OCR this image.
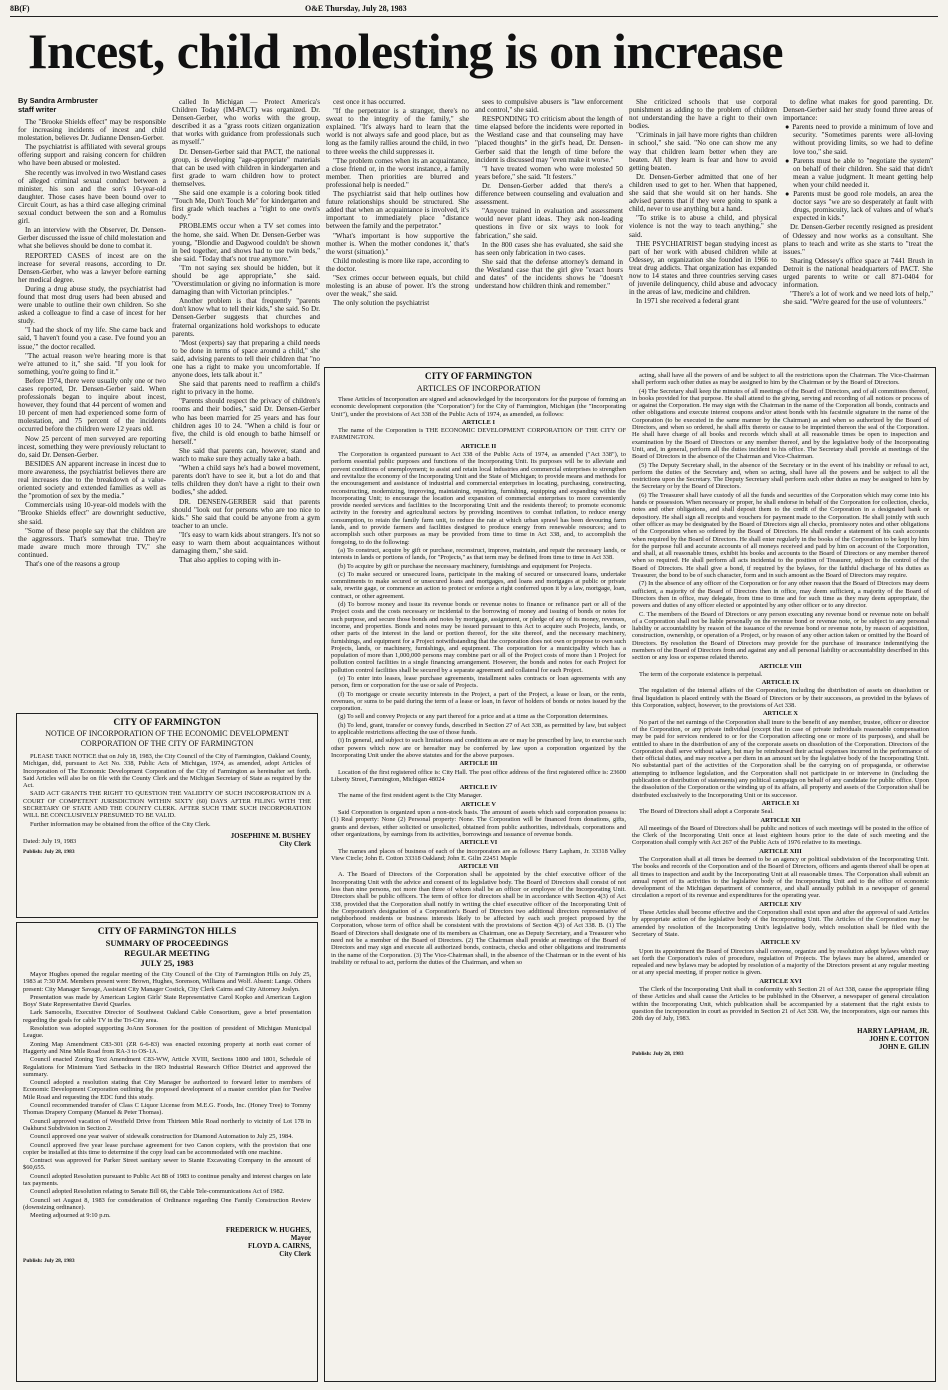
8B(F)	O&E Thursday, July 28, 1983
Incest, child molesting is on increase
By Sandra Armbruster
staff writer

The "Brooke Shields effect" may be responsible for increasing incidents of incest and child molestation, believes Dr. Judianne Densen-Gerber.

The psychiatrist is affiliated with several groups offering support and raising concern for children who have been abused or molested.

She recently was involved in two Westland cases of alleged criminal sexual conduct between a minister, his son and the son's 10-year-old daughter. Those cases have been bound over to Circuit Court, as has a third case alleging criminal sexual conduct between the son and a Romulus girl.

In an interview with the Observer, Dr. Densen-Gerber discussed the issue of child molestation and what she believes should be done to combat it.

REPORTED CASES of incest are on the increase for several reasons, according to Dr. Densen-Gerber, who was a lawyer before earning her medical degree.

During a drug abuse study, the psychiatrist had found that most drug users had been abused and were unable to outline their own children. So she asked a colleague to find a case of incest for her study.

"I had the shock of my life. She came back and said, 'I haven't found you a case. I've found you an issue,'" the doctor recalled.

"The actual reason we're hearing more is that we're attuned to it," she said. "If you look for something, you're going to find it."

Before 1974, there were usually only one or two cases reported, Dr. Densen-Gerber said. When professionals began to inquire about incest, however, they found that 44 percent of women and 10 percent of men had experienced some form of molestation, and 75 percent of the incidents occurred before the children were 12 years old.

Now 25 percent of men surveyed are reporting incest, something they were previously reluctant to do, said Dr. Densen-Gerber.

BESIDES AN apparent increase in incest due to more awareness, the psychiatrist believes there are real increases due to the breakdown of a value-oriented society and extended families as well as the "promotion of sex by the media."

Commercials using 10-year-old models with the "Brooke Shields effect" are downright seductive, she said.

"Some of these people say that the children are the aggressors. That's somewhat true. They're made aware much more through TV," she continued.

That's one of the reasons a group

called In Michigan — Protect America's Children Today (IM-PACT) was organized. Dr. Densen-Gerber, who works with the group, described it as a "grass roots citizen organization that works with guidance from professionals such as myself."

Dr. Densen-Gerber said that PACT, the national group, is developing "age-appropriate" materials that can be used with children in kindergarten and first grade to warn children how to protect themselves.

She said one example is a coloring book titled "Touch Me, Don't Touch Me" for kindergarten and first grade which teaches a "right to one own's body."

PROBLEMS occur when a TV set comes into the home, she said. When Dr. Densen-Gerber was young, "Blondie and Dagwood couldn't be shown in bed together, and shows had to use twin beds," she said. "Today that's not true anymore."

"I'm not saying sex should be hidden, but it should be age appropriate," she said. "Overstimulation or giving no information is more damaging than with Victorian principles."

Another problem is that frequently "parents don't know what to tell their kids," she said. So Dr. Densen-Gerber suggests that churches and fraternal organizations hold workshops to educate parents.

"Most (experts) say that preparing a child needs to be done in terms of space around a child," she said, advising parents to tell their children that "no one has a right to make you uncomfortable. If anyone does, lets talk about it."

She said that parents need to reaffirm a child's right to privacy in the home.

"Parents should respect the privacy of children's rooms and their bodies," said Dr. Densen-Gerber who has been married for 25 years and has four children ages 10 to 24. "When a child is four or five, the child is old enough to bathe himself or herself."

She said that parents can, however, stand and watch to make sure they actually take a bath.

"When a child says he's had a bowel movement, parents don't have to see it, but a lot do and that tells children they don't have a right to their own bodies," she added.

DR. DENSEN-GERBER said that parents should "look out for persons who are too nice to kids." She said that could be anyone from a gym teacher to an uncle.

"It's easy to warn kids about strangers. It's not so easy to warn them about acquaintances without damaging them," she said.

That also applies to coping with in-

cest once it has occurred.

"If the perpetrator is a stranger, there's no sweat to the integrity of the family," she explained. "It's always hard to learn that the world is not always safe and good place, but as long as the family rallies around the child, in two to three weeks the child suppresses it.

"The problem comes when its an acquaintance, a close friend or, in the worst instance, a family member. Then priorities are blurred and professional help is needed."

The psychiatrist said that help outlines how future relationships should be structured. She added that when an acquaintance is involved, it's important to immediately place "distance between the family and the perpetrator."

"What's important is how supportive the mother is. When the mother condones it,' that's the worst (situation)."

Child molesting is more like rape, according to the doctor.

"Sex crimes occur between equals, but child molesting is an abuse of power. It's the strong over the weak," she said.

The only solution the psychiatrist

sees to compulsive abusers is "law enforcement and control," she said.

RESPONDING TO criticism about the length of time elapsed before the incidents were reported in the Westland case and that counseling may have "placed thoughts" in the girl's head, Dr. Densen-Gerber said that the length of time before the incident is discussed may "even make it worse."

"I have treated women who were molested 50 years before," she said. "It festers."

Dr. Densen-Gerber added that there's a difference between counseling and evaluation and assessment.

"Anyone trained in evaluation and assessment would never plant ideas. They ask non-leading questions in five or six ways to look for fabrication," she said.

In the 800 cases she has evaluated, she said she has seen only fabrication in two cases.

She said that the defense attorney's demand in the Westland case that the girl give "exact hours and dates" of the incidents shows he "doesn't understand how children think and remember."

She criticized schools that use corporal punishment as adding to the problem of children not understanding the have a right to their own bodies.

"Criminals in jail have more rights than children in school," she said. "No one can show me any way that children learn better when they are beaten. All they learn is fear and how to avoid getting beaten.

Dr. Densen-Gerber admitted that one of her children used to get to her. When that happened, she said that she would sit on her hands. She advised parents that if they were going to spank a child, never to use anything but a hand.

"To strike is to abuse a child, and physical violence is not the way to teach anything," she said.

THE PSYCHIATRIST began studying incest as part of her work with abused children while at Odessey, an organization she founded in 1966 to treat drug addicts. That organization has expanded now to 14 states and three countries serving cases of juvenile delinquency, child abuse and advocacy in the areas of law, medicine and children.

In 1971 she received a federal grant

to define what makes for good parenting. Dr. Densen-Gerber said her study found three areas of importance:

● Parents need to provide a minimum of love and security. "Sometimes parents were all-loving without providing limits, so we had to define love too," she said.

● Parents must be able to "negotiate the system" on behalf of their children. She said that didn't mean a value judgment. It meant getting help when your child needed it.

● Parents must be good role models, an area the doctor says "we are so desperately at fault with drugs, promiscuity, lack of values and of what's expected in kids."

Dr. Densen-Gerber recently resigned as president of Odessey and now works as a consultant. She plans to teach and write as she starts to "treat the issues."

Sharing Odessey's office space at 7441 Brush in Detroit is the national headquarters of PACT. She urged parents to write or call 871-0404 for information.

"There's a lot of work and we need lots of help," she said. "We're geared for the use of volunteers."

CITY OF FARMINGTON

NOTICE OF INCORPORATION OF THE ECONOMIC DEVELOPMENT CORPORATION OF THE CITY OF FARMINGTON

PLEASE TAKE NOTICE that on July 18, 1983, the City Council of the City of Farmington, Oakland County, Michigan, did, pursuant to Act No. 338, Public Acts of Michigan, 1974, as amended, adopt Articles of Incorporation of The Economic Development Corporation of the City of Farmington as hereinafter set forth. Said Articles will also be on file with the County Clerk and the Michigan Secretary of State as required by the Act.

SAID ACT GRANTS THE RIGHT TO QUESTION THE VALIDITY OF SUCH INCORPORATION IN A COURT OF COMPETENT JURISDICTION WITHIN SIXTY (60) DAYS AFTER FILING WITH THE SECRETARY OF STATE AND THE COUNTY CLERK. AFTER SUCH TIME SUCH INCORPORATION WILL BE CONCLUSIVELY PRESUMED TO BE VALID.

Further information may be obtained from the office of the City Clerk.

JOSEPHINE M. BUSHEY
City Clerk
Dated: July 19, 1983
Publish: July 28, 1983

CITY OF FARMINGTON HILLS

SUMMARY OF PROCEEDINGS

REGULAR MEETING

JULY 25, 1983

Mayor Hughes opened the regular meeting of the City Council of the City of Farmington Hills on July 25, 1983 at 7:30 P.M. Members present were: Brown, Hughes, Sorenson, Williams and Wolf. Absent: Lange. Others present: City Manager Savage, Assistant City Manager Costick, City Clerk Cairns and City Attorney Joslyn.

Presentation was made by American Legion Girls' State Representative Carol Kopko and American Legion Boys' State Representative David Quarles.

Lark Samocelis, Executive Director of Southwest Oakland Cable Consortium, gave a brief presentation regarding the goals for cable TV in the Tri-City area.

Resolution was adopted supporting JoAnn Soronen for the position of president of Michigan Municipal League.

Zoning Map Amendment C83-301 (ZR 6-6-83) was enacted rezoning property at north east corner of Haggerty and Nine Mile Road from RA-3 to OS-1A.

Council enacted Zoning Text Amendment C83-WW, Article XVIII, Sections 1800 and 1801, Schedule of Regulations for Minimum Yard Setbacks in the IRO Industrial Research Office District and approved the summary.

Council adopted a resolution stating that City Manager be authorized to forward letter to members of Economic Development Corporation outlining the proposed development of a master corridor plan for Twelve Mile Road and requesting the EDC fund this study.

Council recommended transfer of Class C Liquor License from M.E.G. Foods, Inc. (Honey Tree) to Tommy Thomas Drapery Company (Manuel & Peter Thomas).

Council approved vacation of Westfield Drive from Thirteen Mile Road northerly to vicinity of Lot 178 in Oakhurst Subdivision in Section 2.

Council approved one year waiver of sidewalk construction for Diamond Automation to July 25, 1984.

Council approved five year lease purchase agreement for two Canon copiers, with the provision that one copier be installed at this time to determine if the copy load can be accommodated with one machine.

Contract was approved for Parker Street sanitary sewer to Stante Excavating Company in the amount of $60,655.

Council adopted Resolution pursuant to Public Act 88 of 1983 to continue penalty and interest charges on late tax payments.

Council adopted Resolution relating to Senate Bill 66, the Cable Tele-communications Act of 1982.

Council set August 8, 1983 for consideration of Ordinance regarding One Family Construction Review (downsizing ordinance).

Meeting adjourned at 9:10 p.m.

FREDERICK W. HUGHES,
Mayor
FLOYD A. CAIRNS,
City Clerk
Publish: July 28, 1983

CITY OF FARMINGTON

ARTICLES OF INCORPORATION

These Articles of Incorporation are signed and acknowledged by the incorporators for the purpose of forming an economic development corporation (the "Corporation") for the City of Farmington, Michigan (the "Incorporating Unit"), under the provisions of Act 338 of the Public Acts of 1974, as amended, as follows:

ARTICLE I

The name of the Corporation is THE ECONOMIC DEVELOPMENT CORPORATION OF THE CITY OF FARMINGTON.

ARTICLE II

The Corporation is organized pursuant to Act 338 of the Public Acts of 1974, as amended ("Act 338"), to perform essential public purposes and functions of the Incorporating Unit. Its purposes will be to alleviate and prevent conditions of unemployment; to assist and retain local industries and commercial enterprises to strengthen and revitalize the economy of the Incorporating Unit and the State of Michigan; to provide means and methods for the encouragement and assistance of industrial and commercial enterprises in locating, purchasing, constructing, reconstructing, modernizing, improving, maintaining, repairing, furnishing, equipping and expanding within the Incorporating Unit; to encourage the location and expansion of commercial enterprises to more conveniently provide needed services and facilities to the Incorporating Unit and the residents thereof; to promote economic activity in the forestry and agricultural sectors by providing incentives to combat inflation, to reduce energy consumption, to retain the family farm unit, to reduce the rate at which urban sprawl has been devouring farm lands, and to provide farmers and facilities designed to produce energy from renewable resources; and to accomplish such other purposes as may be provided from time to time in Act 338, and, to accomplish the foregoing, to do the following:

(a) To construct, acquire by gift or purchase, reconstruct, improve, maintain, and repair the necessary lands, or interests in lands or portions of lands, for "Projects," as that term may be defined from time to time in Act 338.

(b) To acquire by gift or purchase the necessary machinery, furnishings and equipment for Projects.

(c) To make secured or unsecured loans, participate in the making of secured or unsecured loans, undertake commitments to make secured or unsecured loans and mortgages, and loans and mortgages at public or private sale, rewrite gage, or commence an action to protect or enforce a right conferred upon it by a law, mortgage, loan, contract, or other agreement.

(d) To borrow money and issue its revenue bonds or revenue notes to finance or refinance part or all of the Project costs and the costs necessary or incidental to the borrowing of money and issuing of bonds or notes for such purpose, and secure those bonds and notes by mortgage, assignment, or pledge of any of its money, revenues, income, and properties. Bonds and notes may be issued pursuant to this Act to acquire such Projects, lands, or other parts of the interest in the land or portion thereof, for the site thereof, and the necessary machinery, furnishings, and equipment for a Project notwithstanding that the corporation does not own or propose to own such Projects, lands, or machinery, furnishings, and equipment. The corporation for a municipality which has a population of more than 1,000,000 persons may combine part or all of the Project costs of more than 1 Project for pollution control facilities in a single financing arrangement. However, the bonds and notes for each Project for pollution control facilities shall be secured by a separate agreement and collateral for each Project.

(e) To enter into leases, lease purchase agreements, installment sales contracts or loan agreements with any person, firm or corporation for the use or sale of Projects.

(f) To mortgage or create security interests in the Project, a part of the Project, a lease or loan, or the rents, revenues, or sums to be paid during the term of a lease or loan, in favor of holders of bonds or notes issued by the corporation.

(g) To sell and convey Projects or any part thereof for a price and at a time as the Corporation determines.

(h) To lend, grant, transfer or convey funds, described in Section 27 of Act 338, as permitted by law, but subject to applicable restrictions affecting the use of those funds.

(i) In general, and subject to such limitations and conditions as are or may be prescribed by law, to exercise such other powers which now are or hereafter may be conferred by law upon a corporation organized by the Incorporating Unit under the above statutes and for the above purposes.

ARTICLE III

Location of the first registered office is: City Hall. The post office address of the first registered office is: 23600 Liberty Street, Farmington, Michigan 48024

ARTICLE IV

The name of the first resident agent is the City Manager.

ARTICLE V

Said Corporation is organized upon a non-stock basis. The amount of assets which said corporation possess is: (1) Real property: None (2) Personal property: None. The Corporation will be financed from donations, gifts, grants and devises, either solicited or unsolicited, obtained from public authorities, individuals, corporations and other organizations, by earnings from its activities, borrowings and issuance of revenue bonds.

ARTICLE VI

The names and places of business of each of the incorporators are as follows: Harry Lapham, Jr. 33318 Valley View Circle; John E. Cotton 33318 Oakland; John E. Gilin 22451 Maple

ARTICLE VII

A. The Board of Directors of the Corporation shall be appointed by the chief executive officer of the Incorporating Unit with the advice and consent of its legislative body. The Board of Directors shall consist of not less than nine persons, not more than three of whom shall be an officer or employee of the Incorporating Unit. Directors shall be public officers. The term of office for directors shall be in accordance with Section 4(3) of Act 338, provided that the Corporation shall notify in writing the chief executive officer of the Incorporating Unit of the Corporation's designation of a Corporation's Board of Directors two additional directors representative of neighborhood residents or business interests likely to be affected by each such project proposed by the Corporation, whose term of office shall be consistent with the provisions of Section 4(3) of Act 338. B. (1) The Board of Directors shall designate one of its members as Chairman, one as Deputy Secretary, and a Treasurer who need not be a member of the Board of Directors. (2) The Chairman shall preside at meetings of the Board of Directors and may sign and execute all authorized bonds, contracts, checks and other obligations and instruments in the name of the Corporation. (3) The Vice-Chairman shall, in the absence of the Chairman or in the event of his inability or refusal to act, perform the duties of the Chairman, and when so

acting, shall have all the powers of and be subject to all the restrictions upon the Chairman. The Vice-Chairman shall perform such other duties as may be assigned to him by the Chairman or by the Board of Directors.

(4) The Secretary shall keep the minutes of all meetings of the Board of Directors, and of all committees thereof, in books provided for that purpose. He shall attend to the giving, serving and recording of all notices or process of or against the Corporation. He may sign with the Chairman in the name of the Corporation all bonds, contracts and other obligations and execute interest coupons and/or attest bonds with his facsimile signature in the name of the Corporation (to be executed in the same manner by the Chairman) as and when so authorized by the Board of Directors, and when so ordered, he shall affix thereto or cause to be imprinted thereon the seal of the Corporation. He shall have charge of all books and records which shall at all reasonable times be open to inspection and examination by the Board of Directors or any member thereof, and by the legislative body of the Incorporating Unit, and, in general, perform all the duties incident to his office. The Secretary shall provide at meetings of the Board of Directors in the absence of the Chairman and Vice-Chairman.

(5) The Deputy Secretary shall, in the absence of the Secretary or in the event of his inability or refusal to act, perform the duties of the Secretary and, when so acting, shall have all the powers and be subject to all the restrictions upon the Secretary. The Deputy Secretary shall perform such other duties as may be assigned to him by the Secretary or by the Board of Directors.

(6) The Treasurer shall have custody of all the funds and securities of the Corporation which may come into his hands or possession. When necessary or proper, he shall endorse in behalf of the Corporation for collection, checks, notes and other obligations, and shall deposit them to the credit of the Corporation in a designated bank or depository. He shall sign all receipts and vouchers for payment made to the Corporation. He shall jointly with such other officer as may be designated by the Board of Directors sign all checks, promissory notes and other obligations of the Corporation when so ordered by the Board of Directors. He shall render a statement of his cash accounts when required by the Board of Directors. He shall enter regularly in the books of the Corporation to be kept by him for the purpose full and accurate accounts of all moneys received and paid by him on account of the Corporation, and shall, at all reasonable times, exhibit his books and accounts to the Board of Directors or any member thereof when so required. He shall perform all acts incidental to the position of Treasurer, subject to the control of the Board of Directors. He shall give a bond, if required by the bylaws, for the faithful discharge of his duties as Treasurer, the bond to be of such character, form and in such amount as the Board of Directors may require.

(7) In the absence of any officer of the Corporation or for any other reason that the Board of Directors may deem sufficient, a majority of the Board of Directors then in office, may deem sufficient, a majority of the Board of Directors then in office, may delegate, from time to time and for such time as they may deem appropriate, the powers and duties of any officer elected or appointed by any other officer or to any director.

C. The members of the Board of Directors or any person executing any revenue bond or revenue note on behalf of a Corporation shall not be liable personally on the revenue bond or revenue note, or be subject to any personal liability or accountability by reason of the issuance of the revenue bond or revenue note, by reason of acquisition, construction, ownership, or operation of a Project, or by reason of any other action taken or omitted by the Board of Directors. By resolution the Board of Directors may provide for the purchase of insurance indemnifying the members of the Board of Directors from and against any and all personal liability or accountability described in this section or any loss or expense related thereto.

ARTICLE VIII

The term of the corporate existence is perpetual.

ARTICLE IX

The regulation of the internal affairs of the Corporation, including the distribution of assets on dissolution or final liquidation is placed entirely with the Board of Directors or by their successors, as provided in the bylaws of this Corporation, subject, however, to the provisions of Act 338.

ARTICLE X

No part of the net earnings of the Corporation shall inure to the benefit of any member, trustee, officer or director of the Corporation, or any private individual (except that in case of private individuals reasonable compensation may be paid for services rendered to or for the Corporation affecting one or more of its purposes), and shall be entitled to share in the distribution of any of the corporate assets on dissolution of the Corporation. Directors of the Corporation shall serve without salary, but may be reimbursed their actual expenses incurred in the performance of their official duties, and may receive a per diem in an amount set by the legislative body of the Incorporating Unit. No substantial part of the activities of the Corporation shall be the carrying on of propaganda, or otherwise attempting to influence legislation, and the Corporation shall not participate in or intervene in (including the publication or distribution of statements) any political campaign on behalf of any candidate for public office. Upon the dissolution of the Corporation or the winding up of its affairs, all property and assets of the Corporation shall be distributed exclusively to the Incorporating Unit or its successor.

ARTICLE XI

The Board of Directors shall adopt a Corporate Seal.

ARTICLE XII

All meetings of the Board of Directors shall be public and notices of such meetings will be posted in the office of the Clerk of the Incorporating Unit once at least eighteen hours prior to the date of such meeting and the Corporation shall comply with Act 267 of the Public Acts of 1976 relative to its meetings.

ARTICLE XIII

The Corporation shall at all times be deemed to be an agency or political subdivision of the Incorporating Unit. The books and records of the Corporation and of the Board of Directors, officers and agents thereof shall be open at all times to inspection and audit by the Incorporating Unit at all reasonable times. The Corporation shall submit an annual report of its activities to the legislative body of the Incorporating Unit and to the office of economic development of the Michigan department of commerce, and shall annually publish in a newspaper of general circulation a report of its revenue and expenditures for the operating year.

ARTICLE XIV

These Articles shall become effective and the Corporation shall exist upon and after the approval of said Articles by appropriate action of the legislative body of the Incorporating Unit. The Articles of the Corporation may be amended by resolution of the Incorporating Unit's legislative body, which resolution shall be filed with the Secretary of State.

ARTICLE XV

Upon its appointment the Board of Directors shall convene, organize and by resolution adopt bylaws which may set forth the Corporation's rules of procedure, regulation of Projects. The bylaws may be altered, amended or repealed and new bylaws may be adopted by resolution of a majority of the Directors present at any regular meeting or at any special meeting, if proper notice is given.

ARTICLE XVI

The Clerk of the Incorporating Unit shall in conformity with Section 21 of Act 338, cause the appropriate filing of these Articles and shall cause the Articles to be published in the Observer, a newspaper of general circulation within the Incorporating Unit, which publication shall be accompanied by a statement that the right exists to question the incorporation in court as provided in Section 21 of Act 338. We, the incorporators, sign our names this 20th day of July, 1983.

HARRY LAPHAM, JR.
JOHN E. COTTON
JOHN E. GILIN
Publish: July 28, 1983
